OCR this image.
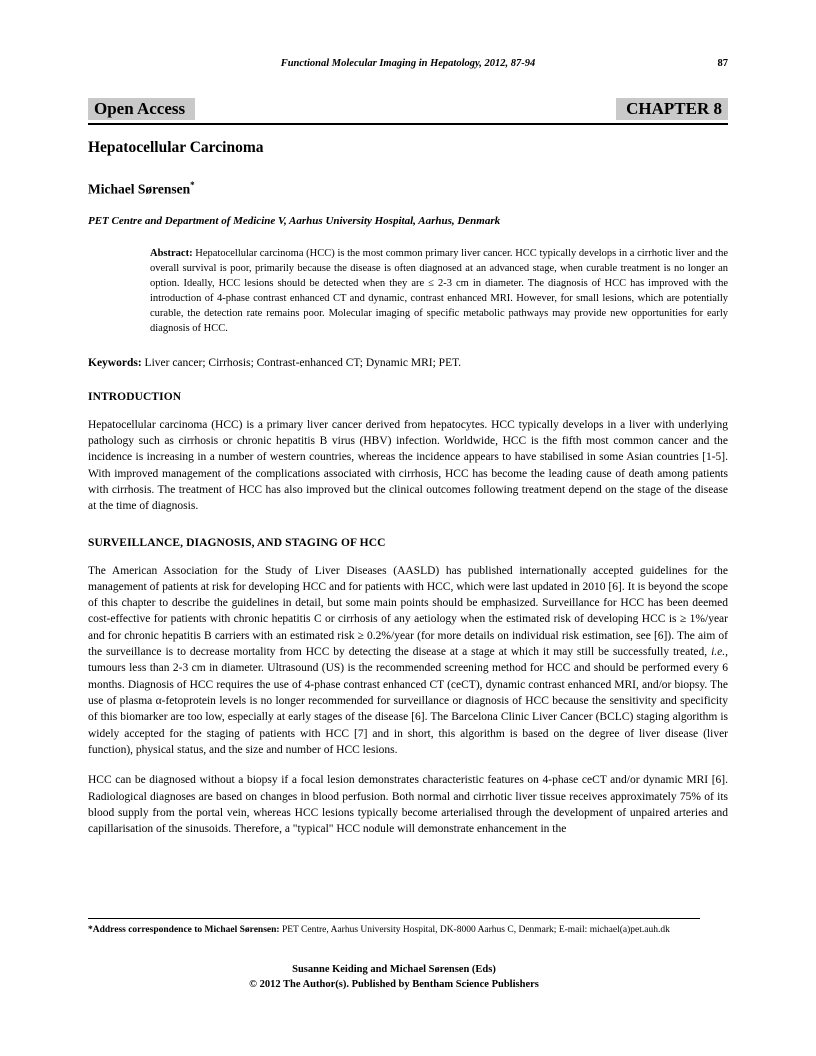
Functional Molecular Imaging in Hepatology, 2012, 87-94	87
Open Access	CHAPTER 8
Hepatocellular Carcinoma
Michael Sørensen*
PET Centre and Department of Medicine V, Aarhus University Hospital, Aarhus, Denmark
Abstract: Hepatocellular carcinoma (HCC) is the most common primary liver cancer. HCC typically develops in a cirrhotic liver and the overall survival is poor, primarily because the disease is often diagnosed at an advanced stage, when curable treatment is no longer an option. Ideally, HCC lesions should be detected when they are ≤ 2-3 cm in diameter. The diagnosis of HCC has improved with the introduction of 4-phase contrast enhanced CT and dynamic, contrast enhanced MRI. However, for small lesions, which are potentially curable, the detection rate remains poor. Molecular imaging of specific metabolic pathways may provide new opportunities for early diagnosis of HCC.
Keywords: Liver cancer; Cirrhosis; Contrast-enhanced CT; Dynamic MRI; PET.
INTRODUCTION

Hepatocellular carcinoma (HCC) is a primary liver cancer derived from hepatocytes. HCC typically develops in a liver with underlying pathology such as cirrhosis or chronic hepatitis B virus (HBV) infection. Worldwide, HCC is the fifth most common cancer and the incidence is increasing in a number of western countries, whereas the incidence appears to have stabilised in some Asian countries [1-5]. With improved management of the complications associated with cirrhosis, HCC has become the leading cause of death among patients with cirrhosis. The treatment of HCC has also improved but the clinical outcomes following treatment depend on the stage of the disease at the time of diagnosis.

SURVEILLANCE, DIAGNOSIS, AND STAGING OF HCC

The American Association for the Study of Liver Diseases (AASLD) has published internationally accepted guidelines for the management of patients at risk for developing HCC and for patients with HCC, which were last updated in 2010 [6]. It is beyond the scope of this chapter to describe the guidelines in detail, but some main points should be emphasized. Surveillance for HCC has been deemed cost-effective for patients with chronic hepatitis C or cirrhosis of any aetiology when the estimated risk of developing HCC is ≥ 1%/year and for chronic hepatitis B carriers with an estimated risk ≥ 0.2%/year (for more details on individual risk estimation, see [6]). The aim of the surveillance is to decrease mortality from HCC by detecting the disease at a stage at which it may still be successfully treated, i.e., tumours less than 2-3 cm in diameter. Ultrasound (US) is the recommended screening method for HCC and should be performed every 6 months. Diagnosis of HCC requires the use of 4-phase contrast enhanced CT (ceCT), dynamic contrast enhanced MRI, and/or biopsy. The use of plasma α-fetoprotein levels is no longer recommended for surveillance or diagnosis of HCC because the sensitivity and specificity of this biomarker are too low, especially at early stages of the disease [6]. The Barcelona Clinic Liver Cancer (BCLC) staging algorithm is widely accepted for the staging of patients with HCC [7] and in short, this algorithm is based on the degree of liver disease (liver function), physical status, and the size and number of HCC lesions.

HCC can be diagnosed without a biopsy if a focal lesion demonstrates characteristic features on 4-phase ceCT and/or dynamic MRI [6]. Radiological diagnoses are based on changes in blood perfusion. Both normal and cirrhotic liver tissue receives approximately 75% of its blood supply from the portal vein, whereas HCC lesions typically become arterialised through the development of unpaired arteries and capillarisation of the sinusoids. Therefore, a "typical" HCC nodule will demonstrate enhancement in the

*Address correspondence to Michael Sørensen: PET Centre, Aarhus University Hospital, DK-8000 Aarhus C, Denmark; E-mail: michael(a)pet.auh.dk
Susanne Keiding and Michael Sørensen (Eds)
© 2012 The Author(s). Published by Bentham Science Publishers
